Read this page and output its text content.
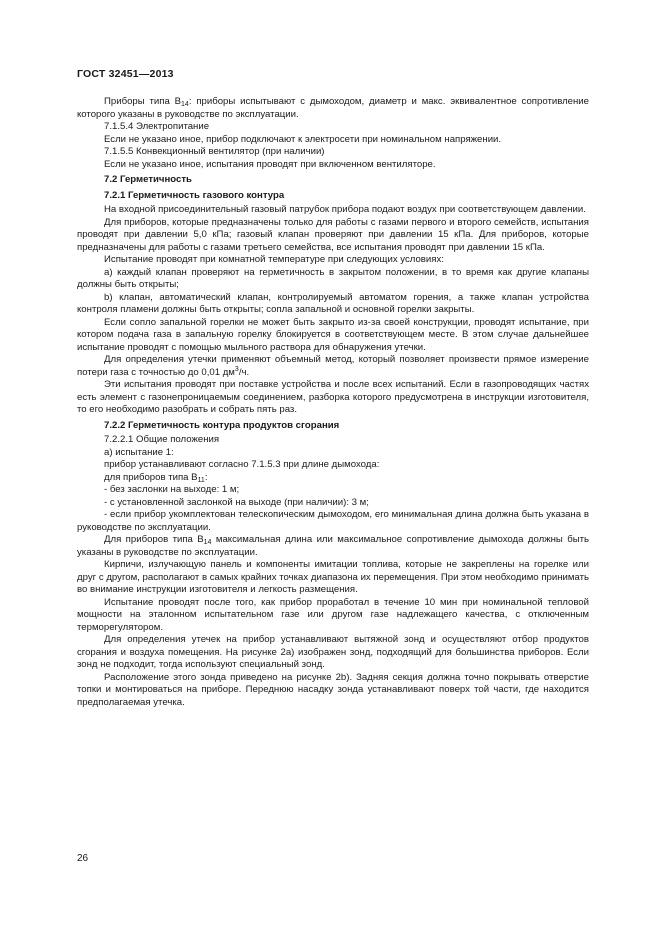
ГОСТ 32451—2013

Приборы типа $B_{14}$: приборы испытывают с дымоходом, диаметр и макс. эквивалентное сопротивление которого указаны в руководстве по эксплуатации.

7.1.5.4 Электропитание

Если не указано иное, прибор подключают к электросети при номинальном напряжении.

7.1.5.5 Конвекционный вентилятор (при наличии)

Если не указано иное, испытания проводят при включенном вентиляторе.

7.2 Герметичность

7.2.1 Герметичность газового контура

На входной присоединительный газовый патрубок прибора подают воздух при соответствующем давлении.

Для приборов, которые предназначены только для работы с газами первого и второго семейств, испытания проводят при давлении 5,0 кПа; газовый клапан проверяют при давлении 15 кПа. Для приборов, которые предназначены для работы с газами третьего семейства, все испытания проводят при давлении 15 кПа.

Испытание проводят при комнатной температуре при следующих условиях:

a) каждый клапан проверяют на герметичность в закрытом положении, в то время как другие клапаны должны быть открыты;

b) клапан, автоматический клапан, контролируемый автоматом горения, а также клапан устройства контроля пламени должны быть открыты; сопла запальной и основной горелки закрыты.

Если сопло запальной горелки не может быть закрыто из-за своей конструкции, проводят испытание, при котором подача газа в запальную горелку блокируется в соответствующем месте. В этом случае дальнейшее испытание проводят с помощью мыльного раствора для обнаружения утечки.

Для определения утечки применяют объемный метод, который позволяет произвести прямое измерение потери газа с точностью до 0,01 $дм^3/ч$.

Эти испытания проводят при поставке устройства и после всех испытаний. Если в газопроводящих частях есть элемент с газонепроницаемым соединением, разборка которого предусмотрена в инструкции изготовителя, то его необходимо разобрать и собрать пять раз.

7.2.2 Герметичность контура продуктов сгорания

7.2.2.1 Общие положения

a) испытание 1:

прибор устанавливают согласно 7.1.5.3 при длине дымохода:

для приборов типа $B_{11}$:

- без заслонки на выходе: 1 м;

- с установленной заслонкой на выходе (при наличии): 3 м;

- если прибор укомплектован телескопическим дымоходом, его минимальная длина должна быть указана в руководстве по эксплуатации.

Для приборов типа $B_{14}$ максимальная длина или максимальное сопротивление дымохода должны быть указаны в руководстве по эксплуатации.

Кирпичи, излучающую панель и компоненты имитации топлива, которые не закреплены на горелке или друг с другом, располагают в самых крайних точках диапазона их перемещения. При этом необходимо принимать во внимание инструкции изготовителя и легкость размещения.

Испытание проводят после того, как прибор проработал в течение 10 мин при номинальной тепловой мощности на эталонном испытательном газе или другом газе надлежащего качества, с отключенным терморегулятором.

Для определения утечек на прибор устанавливают вытяжной зонд и осуществляют отбор продуктов сгорания и воздуха помещения. На рисунке 2a) изображен зонд, подходящий для большинства приборов. Если зонд не подходит, тогда используют специальный зонд.

Расположение этого зонда приведено на рисунке 2b). Задняя секция должна точно покрывать отверстие топки и монтироваться на приборе. Переднюю насадку зонда устанавливают поверх той части, где находится предполагаемая утечка.

26
